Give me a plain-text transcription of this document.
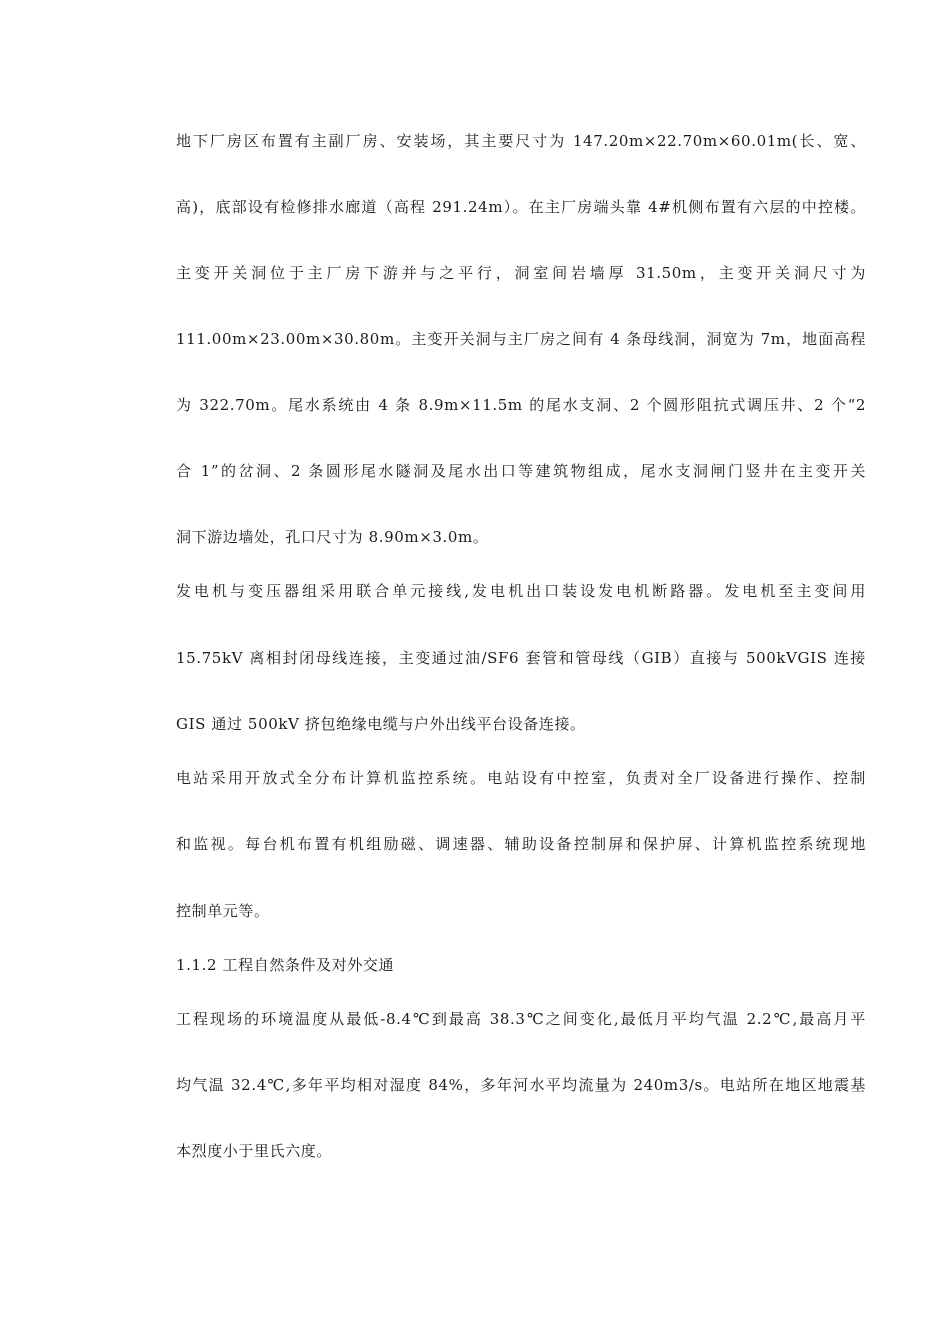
地下厂房区布置有主副厂房、安装场，其主要尺寸为 147.20m×22.70m×60.01m(长、宽、
高)，底部设有检修排水廊道（高程 291.24m）。在主厂房端头靠 4#机侧布置有六层的中控楼。
主变开关洞位于主厂房下游并与之平行，洞室间岩墙厚 31.50m，主变开关洞尺寸为
111.00m×23.00m×30.80m。主变开关洞与主厂房之间有 4 条母线洞，洞宽为 7m，地面高程
为 322.70m。尾水系统由 4 条 8.9m×11.5m 的尾水支洞、2 个圆形阻抗式调压井、2 个“2
合 1”的岔洞、2 条圆形尾水隧洞及尾水出口等建筑物组成，尾水支洞闸门竖井在主变开关
洞下游边墙处，孔口尺寸为 8.90m×3.0m。
发电机与变压器组采用联合单元接线,发电机出口装设发电机断路器。发电机至主变间用
15.75kV 离相封闭母线连接，主变通过油/SF6 套管和管母线（GIB）直接与 500kVGIS 连接
GIS 通过 500kV 挤包绝缘电缆与户外出线平台设备连接。
电站采用开放式全分布计算机监控系统。电站设有中控室，负责对全厂设备进行操作、控制
和监视。每台机布置有机组励磁、调速器、辅助设备控制屏和保护屏、计算机监控系统现地
控制单元等。
1.1.2 工程自然条件及对外交通
工程现场的环境温度从最低-8.4℃到最高 38.3℃之间变化,最低月平均气温 2.2℃,最高月平
均气温 32.4℃,多年平均相对湿度 84%，多年河水平均流量为 240m3/s。电站所在地区地震基
本烈度小于里氏六度。
